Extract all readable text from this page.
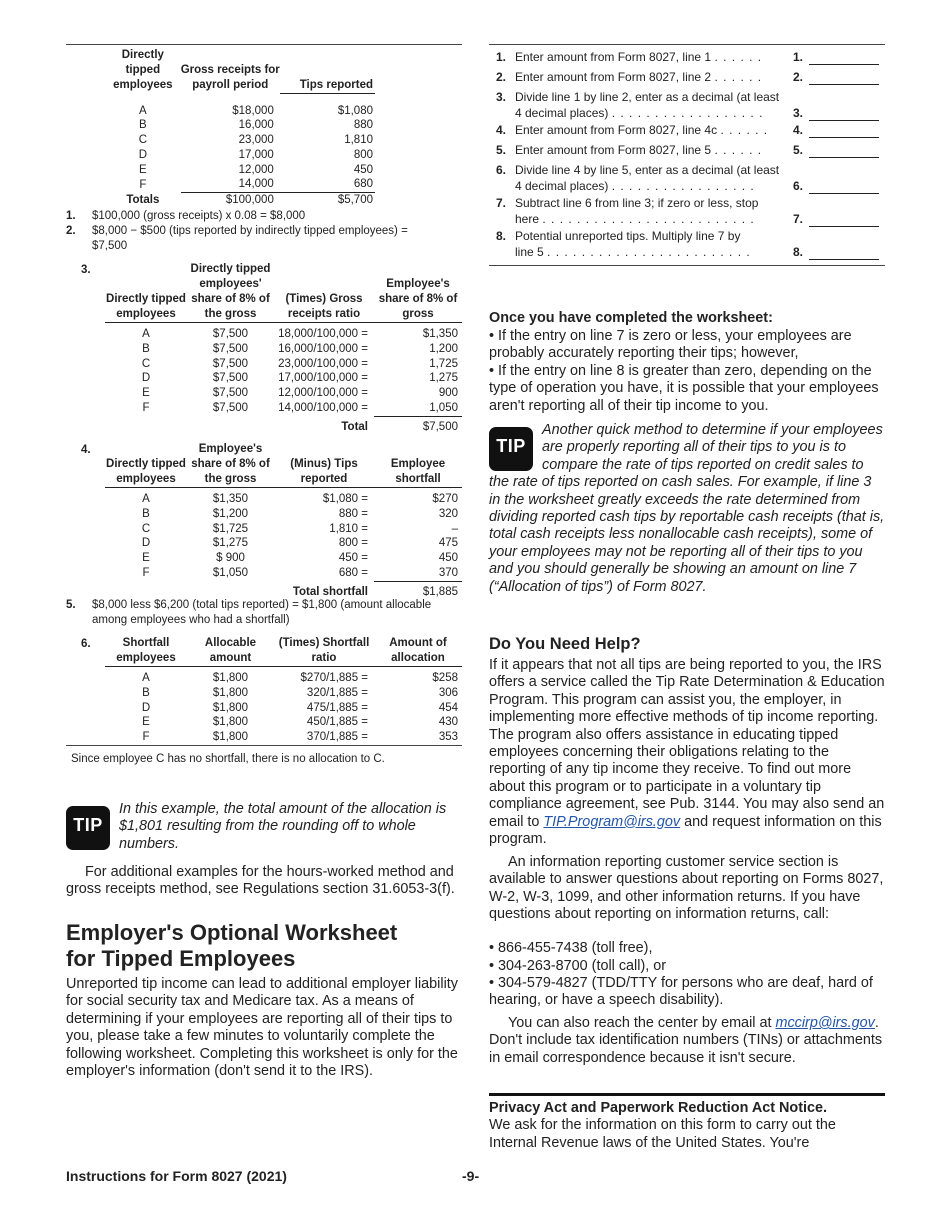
Directly tipped employees	Gross receipts for payroll period	Tips reported

A	$18,000	$1,080
B	16,000	880
C	23,000	1,810
D	17,000	800
E	12,000	450
F	14,000	680
Totals	$100,000	$5,700
1. $100,000 (gross receipts) x 0.08 = $8,000
2.	$8,000 − $500 (tips reported by indirectly tipped employees) = $7,500
3.
Directly tipped employees	Directly tipped employees' share of 8% of the gross	(Times) Gross receipts ratio	Employee's share of 8% of gross

A	$7,500	18,000/100,000 =	$1,350
B	$7,500	16,000/100,000 =	1,200
C	$7,500	23,000/100,000 =	1,725
D	$7,500	17,000/100,000 =	1,275
E	$7,500	12,000/100,000 =	900
F	$7,500	14,000/100,000 =	1,050
		Total	$7,500
4.
Directly tipped employees	Employee's share of 8% of the gross	(Minus) Tips reported	Employee shortfall

A	$1,350	$1,080 =	$270
B	$1,200	880 =	320
C	$1,725	1,810 =	–
D	$1,275	800 =	475
E	$ 900	450 =	450
F	$1,050	680 =	370
		Total shortfall	$1,885
5.	$8,000 less $6,200 (total tips reported) = $1,800 (amount allocable among employees who had a shortfall)
6.	Shortfall employees	Allocable amount	(Times) Shortfall ratio	Amount of allocation

A	$1,800	$270/1,885 =	$258
B	$1,800	320/1,885 =	306
D	$1,800	475/1,885 =	454
E	$1,800	450/1,885 =	430
F	$1,800	370/1,885 =	353
Since employee C has no shortfall, there is no allocation to C.
TIP
In this example, the total amount of the allocation is $1,801 resulting from the rounding off to whole numbers.
For additional examples for the hours-worked method and gross receipts method, see Regulations section 31.6053-3(f).
Employer's Optional Worksheet
for Tipped Employees
Unreported tip income can lead to additional employer liability for social security tax and Medicare tax. As a means of determining if your employees are reporting all of their tips to you, please take a few minutes to voluntarily complete the following worksheet. Completing this worksheet is only for the employer's information (don't send it to the IRS).
1. Enter amount from Form 8027, line 1 . . . . . .	1.
2. Enter amount from Form 8027, line 2 . . . . . .	2.
3. Divide line 1 by line 2, enter as a decimal (at least
4 decimal places) . . . . . . . . . . . . . . . . . .	3.
4. Enter amount from Form 8027, line 4c . . . . . .	4.
5. Enter amount from Form 8027, line 5 . . . . . .	5.
6. Divide line 4 by line 5, enter as a decimal (at least
4 decimal places) . . . . . . . . . . . . . . . . .	6.
7. Subtract line 6 from line 3; if zero or less, stop
here . . . . . . . . . . . . . . . . . . . . . . . . .	7.
8. Potential unreported tips. Multiply line 7 by
line 5 . . . . . . . . . . . . . . . . . . . . . . . .	8.
Once you have completed the worksheet:
• If the entry on line 7 is zero or less, your employees are probably accurately reporting their tips; however,
• If the entry on line 8 is greater than zero, depending on the type of operation you have, it is possible that your employees aren't reporting all of their tip income to you.
TIP
Another quick method to determine if your employees are properly reporting all of their tips to you is to compare the rate of tips reported on credit sales to the rate of tips reported on cash sales. For example, if line 3 in the worksheet greatly exceeds the rate determined from dividing reported cash tips by reportable cash receipts (that is, total cash receipts less nonallocable cash receipts), some of your employees may not be reporting all of their tips to you and you should generally be showing an amount on line 7 (“Allocation of tips”) of Form 8027.
Do You Need Help?
If it appears that not all tips are being reported to you, the IRS offers a service called the Tip Rate Determination & Education Program. This program can assist you, the employer, in implementing more effective methods of tip income reporting. The program also offers assistance in educating tipped employees concerning their obligations relating to the reporting of any tip income they receive. To find out more about this program or to participate in a voluntary tip compliance agreement, see Pub. 3144. You may also send an email to TIP.Program@irs.gov and request information on this program.
An information reporting customer service section is available to answer questions about reporting on Forms 8027, W-2, W-3, 1099, and other information returns. If you have questions about reporting on information returns, call:
• 866-455-7438 (toll free),
• 304-263-8700 (toll call), or
• 304-579-4827 (TDD/TTY for persons who are deaf, hard of hearing, or have a speech disability).
You can also reach the center by email at mccirp@irs.gov. Don't include tax identification numbers (TINs) or attachments in email correspondence because it isn't secure.
Privacy Act and Paperwork Reduction Act Notice.
We ask for the information on this form to carry out the Internal Revenue laws of the United States. You're
Instructions for Form 8027 (2021)	-9-
